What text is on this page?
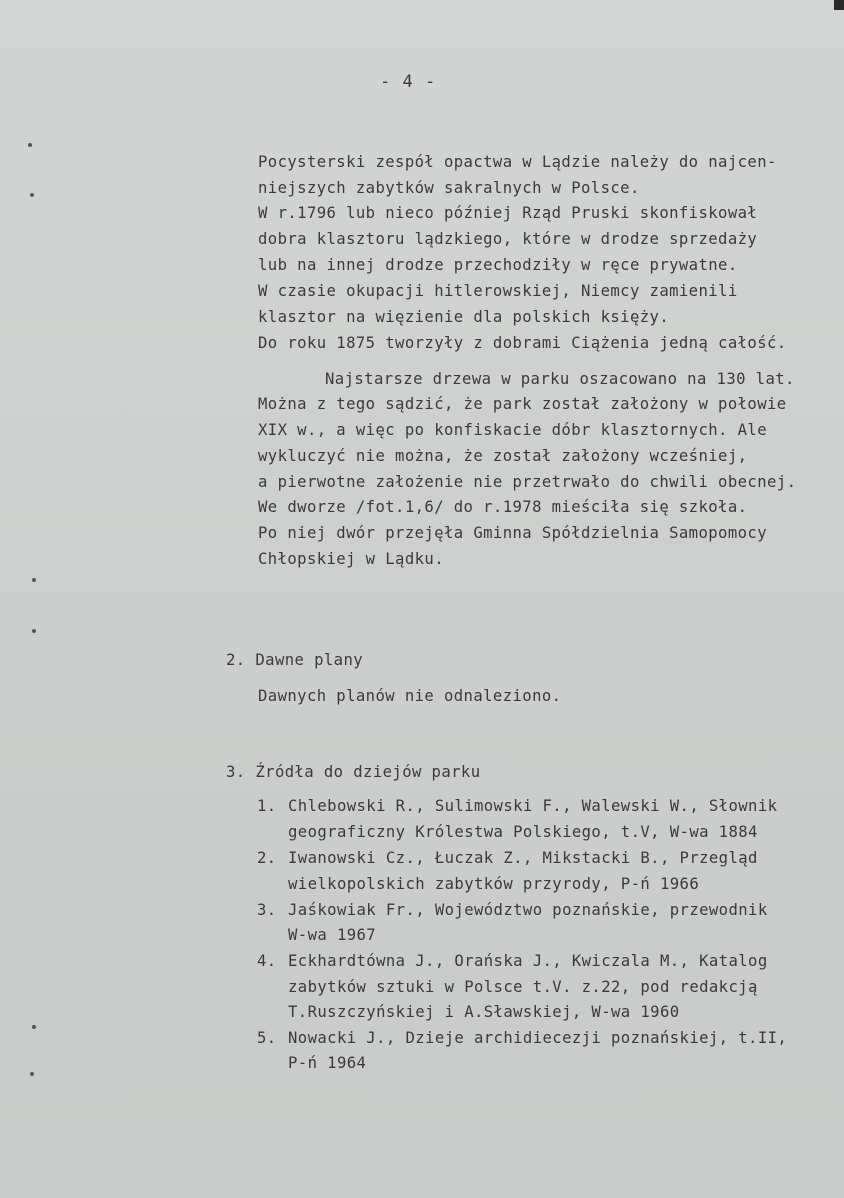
- 4 -
Pocysterski zespół opactwa w Lądzie należy do najcen-
niejszych zabytków sakralnych w Polsce.
W r.1796 lub nieco później Rząd Pruski skonfiskował
dobra klasztoru lądzkiego, które w drodze sprzedaży
lub na innej drodze przechodziły w ręce prywatne.
W czasie okupacji hitlerowskiej, Niemcy zamienili
klasztor na więzienie dla polskich księży.
Do roku 1875 tworzyły z dobrami Ciążenia jedną całość.
Najstarsze drzewa w parku oszacowano na 130 lat.
Można z tego sądzić, że park został założony w połowie
XIX w., a więc po konfiskacie dóbr klasztornych. Ale
wykluczyć nie można, że został założony wcześniej,
a pierwotne założenie nie przetrwało do chwili obecnej.
We dworze /fot.1,6/ do r.1978 mieściła się szkoła.
Po niej dwór przejęła Gminna Spółdzielnia Samopomocy
Chłopskiej w Lądku.
2. Dawne plany
Dawnych planów nie odnaleziono.
3. Źródła do dziejów parku
1. Chlebowski R., Sulimowski F., Walewski W., Słownik
geograficzny Królestwa Polskiego, t.V, W-wa 1884
2. Iwanowski Cz., Łuczak Z., Mikstacki B., Przegląd
wielkopolskich zabytków przyrody, P-ń 1966
3. Jaśkowiak Fr., Województwo poznańskie, przewodnik
W-wa 1967
4. Eckhardtówna J., Orańska J., Kwiczala M., Katalog
zabytków sztuki w Polsce t.V. z.22, pod redakcją
T.Ruszczyńskiej i A.Sławskiej, W-wa 1960
5. Nowacki J., Dzieje archidiecezji poznańskiej, t.II,
P-ń 1964
